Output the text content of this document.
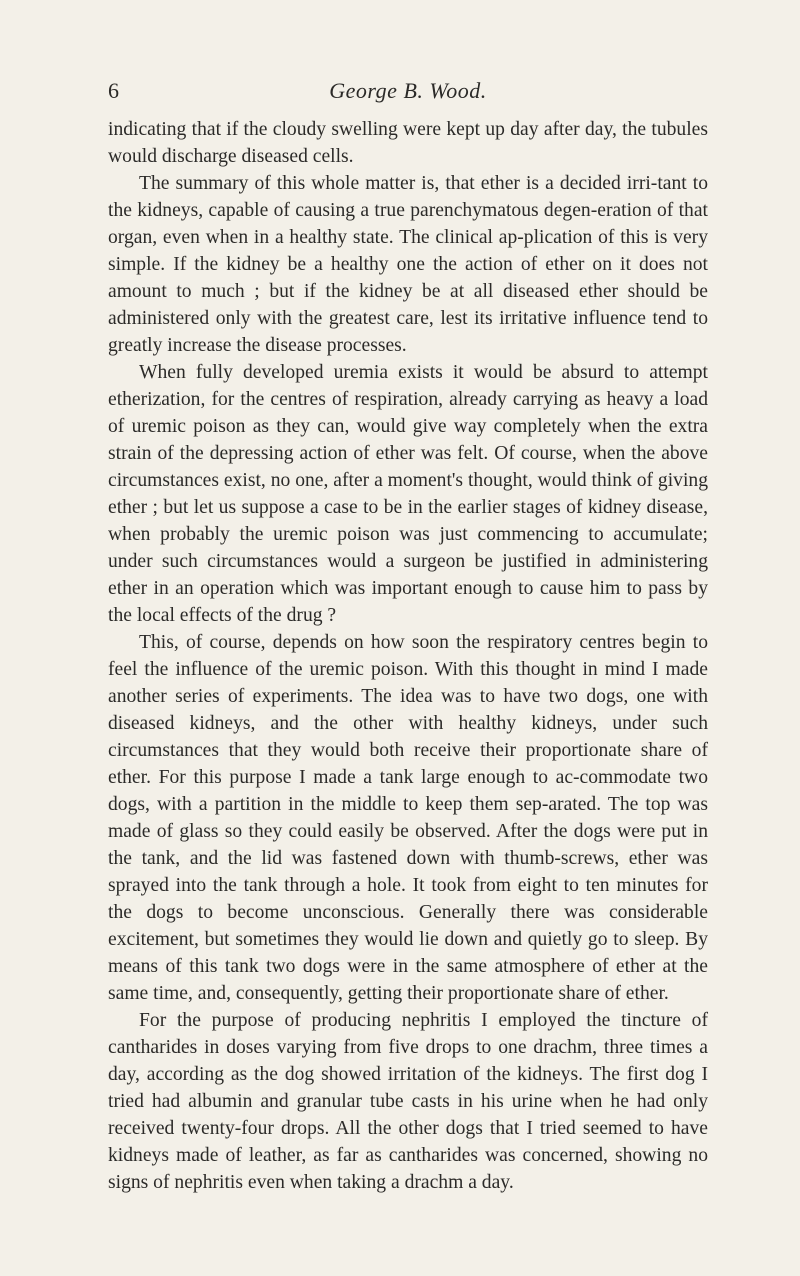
6	George B. Wood.

indicating that if the cloudy swelling were kept up day after day, the tubules would discharge diseased cells.

The summary of this whole matter is, that ether is a decided irri-tant to the kidneys, capable of causing a true parenchymatous degen-eration of that organ, even when in a healthy state. The clinical ap-plication of this is very simple. If the kidney be a healthy one the action of ether on it does not amount to much ; but if the kidney be at all diseased ether should be administered only with the greatest care, lest its irritative influence tend to greatly increase the disease processes.

When fully developed uremia exists it would be absurd to attempt etherization, for the centres of respiration, already carrying as heavy a load of uremic poison as they can, would give way completely when the extra strain of the depressing action of ether was felt. Of course, when the above circumstances exist, no one, after a moment's thought, would think of giving ether ; but let us suppose a case to be in the earlier stages of kidney disease, when probably the uremic poison was just commencing to accumulate; under such circumstances would a surgeon be justified in administering ether in an operation which was important enough to cause him to pass by the local effects of the drug ?

This, of course, depends on how soon the respiratory centres begin to feel the influence of the uremic poison. With this thought in mind I made another series of experiments. The idea was to have two dogs, one with diseased kidneys, and the other with healthy kidneys, under such circumstances that they would both receive their proportionate share of ether. For this purpose I made a tank large enough to ac-commodate two dogs, with a partition in the middle to keep them sep-arated. The top was made of glass so they could easily be observed. After the dogs were put in the tank, and the lid was fastened down with thumb-screws, ether was sprayed into the tank through a hole. It took from eight to ten minutes for the dogs to become unconscious. Generally there was considerable excitement, but sometimes they would lie down and quietly go to sleep. By means of this tank two dogs were in the same atmosphere of ether at the same time, and, consequently, getting their proportionate share of ether.

For the purpose of producing nephritis I employed the tincture of cantharides in doses varying from five drops to one drachm, three times a day, according as the dog showed irritation of the kidneys. The first dog I tried had albumin and granular tube casts in his urine when he had only received twenty-four drops. All the other dogs that I tried seemed to have kidneys made of leather, as far as cantharides was concerned, showing no signs of nephritis even when taking a drachm a day.
